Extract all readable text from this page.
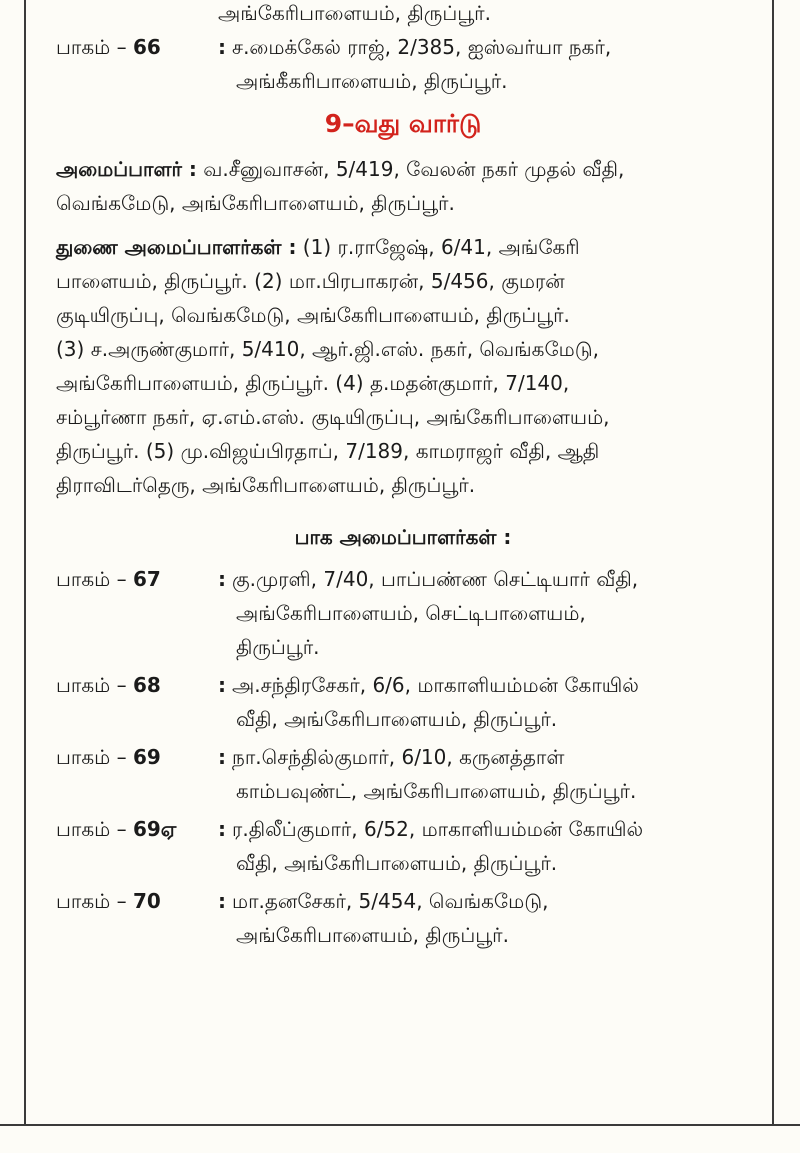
அங்கேரிபாளையம், திருப்பூர்.
பாகம் – 66	: ச.மைக்கேல் ராஜ், 2/385, ஐஸ்வர்யா நகர்,
அங்கீகரிபாளையம், திருப்பூர்.
9–வது வார்டு
அமைப்பாளர் : வ.சீனுவாசன், 5/419, வேலன் நகர் முதல் வீதி,
வெங்கமேடு, அங்கேரிபாளையம், திருப்பூர்.
துணை அமைப்பாளர்கள் : (1) ர.ராஜேஷ், 6/41, அங்கேரி
பாளையம், திருப்பூர். (2) மா.பிரபாகரன், 5/456, குமரன்
குடியிருப்பு, வெங்கமேடு, அங்கேரிபாளையம், திருப்பூர்.
(3) ச.அருண்குமார், 5/410, ஆர்.ஜி.எஸ். நகர், வெங்கமேடு,
அங்கேரிபாளையம், திருப்பூர். (4) த.மதன்குமார், 7/140,
சம்பூர்ணா நகர், ஏ.எம்.எஸ். குடியிருப்பு, அங்கேரிபாளையம்,
திருப்பூர். (5) மு.விஜய்பிரதாப், 7/189, காமராஜர் வீதி, ஆதி
திராவிடர்தெரு, அங்கேரிபாளையம், திருப்பூர்.
பாக அமைப்பாளர்கள் :
பாகம் – 67	: கு.முரளி, 7/40, பாப்பண்ண செட்டியார் வீதி,
அங்கேரிபாளையம், செட்டிபாளையம்,
திருப்பூர்.
பாகம் – 68	: அ.சந்திரசேகர், 6/6, மாகாளியம்மன் கோயில்
வீதி, அங்கேரிபாளையம், திருப்பூர்.
பாகம் – 69	: நா.செந்தில்குமார், 6/10, கருனத்தாள்
காம்பவுண்ட், அங்கேரிபாளையம், திருப்பூர்.
பாகம் – 69ஏ	: ர.திலீப்குமார், 6/52, மாகாளியம்மன் கோயில்
வீதி, அங்கேரிபாளையம், திருப்பூர்.
பாகம் – 70	: மா.தனசேகர், 5/454, வெங்கமேடு,
அங்கேரிபாளையம், திருப்பூர்.
